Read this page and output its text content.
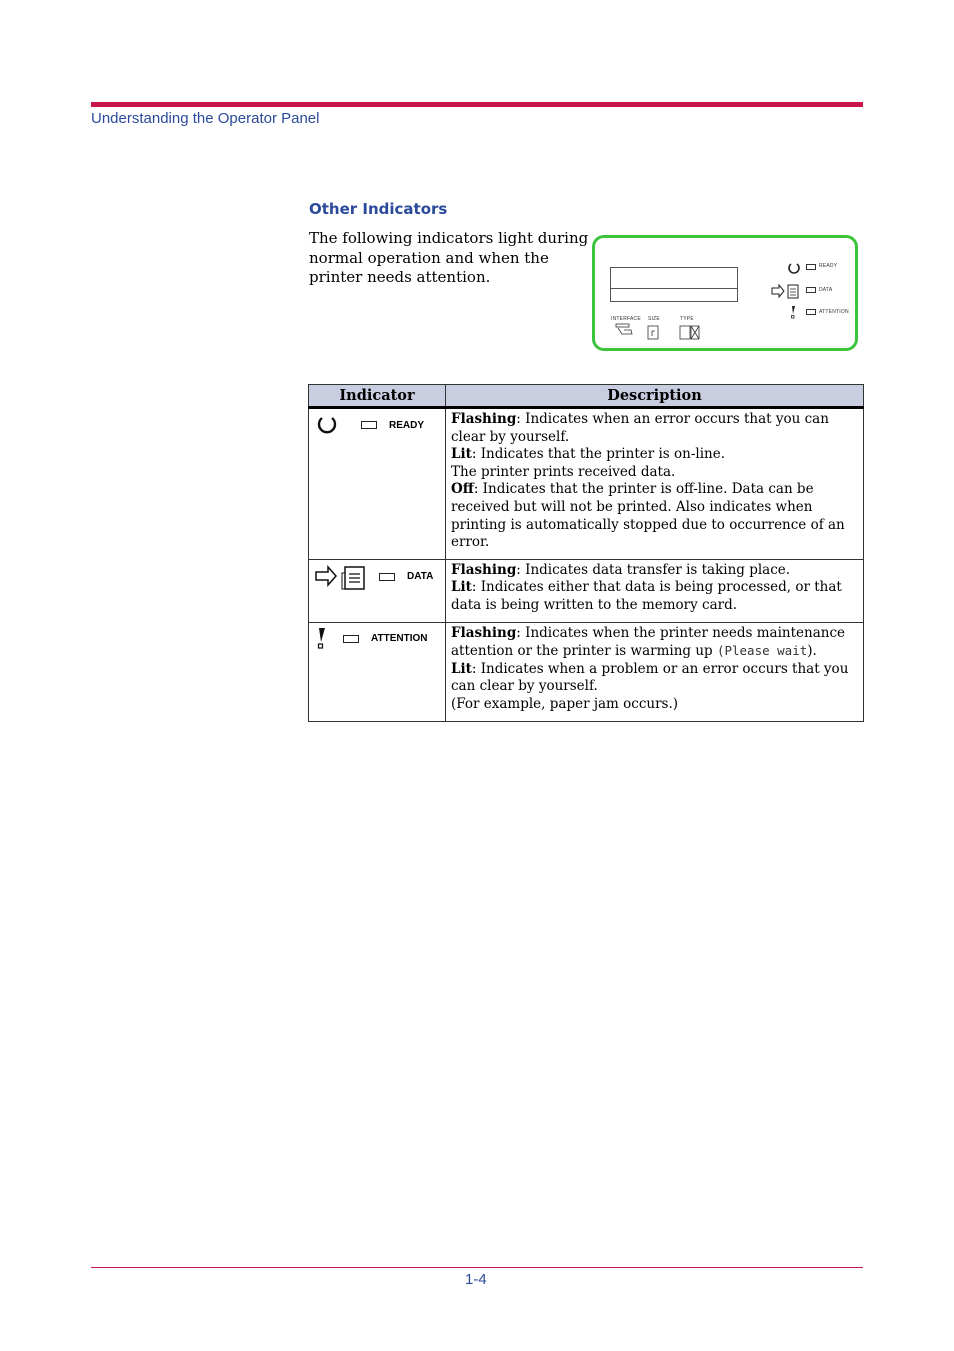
Understanding the Operator Panel
Other Indicators
The following indicators light during normal operation and when the printer needs attention.
INTERFACE SIZE	TYPE
READY
DATA
ATTENTION
Indicator	Description

READY	Flashing: Indicates when an error occurs that you can clear by yourself.
Lit: Indicates that the printer is on-line.
The printer prints received data.
Off: Indicates that the printer is off-line. Data can be received but will not be printed. Also indicates when printing is automatically stopped due to occurrence of an error.

DATA	Flashing: Indicates data transfer is taking place.
Lit: Indicates either that data is being processed, or that data is being written to the memory card.

ATTENTION	Flashing: Indicates when the printer needs maintenance attention or the printer is warming up (Please wait).
Lit: Indicates when a problem or an error occurs that you can clear by yourself.
(For example, paper jam occurs.)
1-4
